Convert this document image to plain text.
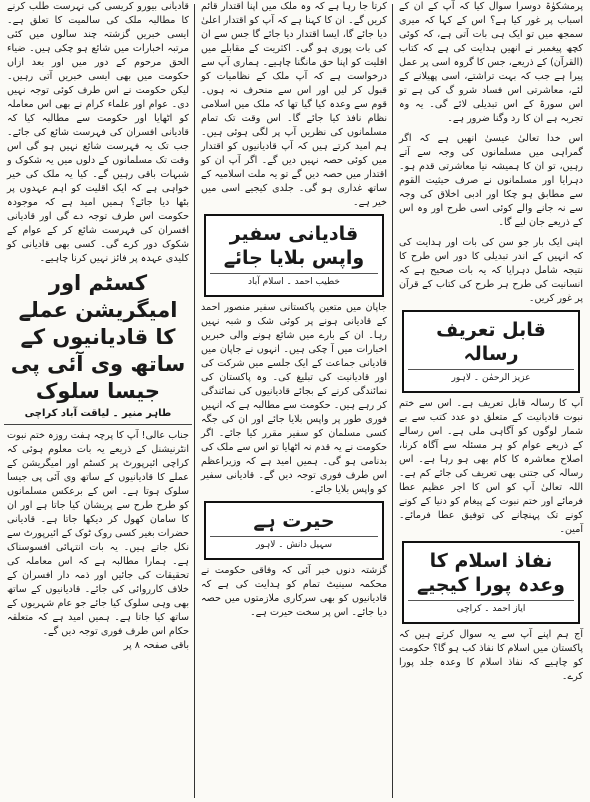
پرمشکوٰۃ دوسرا سوال کیا کہ آپ کے ان کے اسباب پر غور کیا ہے؟ اس کے کہا کہ میری سمجھ میں تو ایک ہی بات آتی ہے، کہ کوئی کچھ پیغمبر نے انھیں ہدایت کی ہے کہ کتاب (القرآن) کے ذریعے، جس کا گروہ اسی پر عمل پیرا ہے جب کہ بہت تراشتے، اسی پھیلانے کے لئے، معاشرتی اس فساد شرو گ کی ہے تو اس سورۃ کے اس تبدیلی لائے گی۔ یہ وہ تجربہ ہے ان کا رد وگنا ضرور ہے۔

اس خدا تعالیٰ عیسیٰ انھیں ہے کہ اگر گمراہی میں مسلمانوں کی وجہ سے آتے رہیں، تو ان کا ہمیشہ نیا معاشرتی قدم ہو۔ دہرایا اور مسلمانوں نے صرف حیثیت القوم سے مطابق ہو چکا اور ادبی اخلاق کی وجہ سے نہ جانے والے کوئی اسی طرح اور وہ اس کے ذریعے جان لیے گا۔

اپنی ایک بار جو سن کی بات اور ہدایت کی کہ انہیں کے اندر تبدیلی کا دور اس طرح کا نتیجہ شامل دہرایا کہ یہ بات صحیح ہے کہ انسانیت کی طرح ہر طرح کی کتاب کے قرآن پر غور کریں۔

قابل تعریف رسالہ
عزیز الرحمٰن ۔ لاہور

آپ کا رسالہ قابل تعریف ہے۔ اس سے ختم نبوت قادیانیت کے متعلق دو عدد کتب سے بے شمار لوگوں کو آگاہی ملی ہے۔ اس رسالے کے ذریعے عوام کو ہر مسئلہ سے آگاہ کرنا، اصلاح معاشرہ کا کام بھی ہو رہا ہے۔ اس رسالہ کی جتنی بھی تعریف کی جائے کم ہے۔ اللہ تعالیٰ آپ کو اس کا اجر عظیم عطا فرمائے اور ختم نبوت کے پیغام کو دنیا کے کونے کونے تک پہنچانے کی توفیق عطا فرمائے۔ آمین۔

نفاذ اسلام کا وعدہ پورا کیجیے
ایاز احمد ۔ کراچی

آج ہم اپنے آپ سے یہ سوال کرتے ہیں کہ پاکستان میں اسلام کا نفاذ کب ہو گا؟ حکومت کو چاہیے کہ نفاذ اسلام کا وعدہ جلد پورا کرے۔

کرتا جا رہا ہے کہ وہ ملک میں اپنا اقتدار قائم کریں گے۔ ان کا کہنا ہے کہ آپ کو اقتدار اعلیٰ دیا جائے گا، ایسا اقتدار دیا جائے گا جس سے ان کی بات پوری ہو گی۔ اکثریت کے مقابلے میں اقلیت کو اپنا حق مانگنا چاہیے۔ ہماری آپ سے درخواست ہے کہ آپ ملک کے نظامیات کو قبول کر لیں اور اس سے منحرف نہ ہوں۔ قوم سے وعدہ کیا گیا تھا کہ ملک میں اسلامی نظام نافذ کیا جائے گا۔ اس وقت تک تمام مسلمانوں کی نظریں آپ پر لگی ہوئی ہیں۔ ہم امید کرتے ہیں کہ آپ قادیانیوں کو اقتدار میں کوئی حصہ نہیں دیں گے۔ اگر آپ ان کو اقتدار میں حصہ دیں گے تو یہ ملت اسلامیہ کے ساتھ غداری ہو گی۔ جلدی کیجیے اسی میں خیر ہے۔

قادیانی سفیر واپس بلایا جائے
خطیب احمد ۔ اسلام آباد

جاپان میں متعین پاکستانی سفیر منصور احمد کے قادیانی ہونے پر کوئی شک و شبہ نہیں رہا۔ ان کے بارے میں شائع ہونے والی خبریں اخبارات میں آ چکی ہیں۔ انہوں نے جاپان میں قادیانی جماعت کے ایک جلسے میں شرکت کی اور قادیانیت کی تبلیغ کی۔ وہ پاکستان کی نمائندگی کرنے کے بجائے قادیانیوں کی نمائندگی کر رہے ہیں۔ حکومت سے مطالبہ ہے کہ انہیں فوری طور پر واپس بلایا جائے اور ان کی جگہ کسی مسلمان کو سفیر مقرر کیا جائے۔ اگر حکومت نے یہ قدم نہ اٹھایا تو اس سے ملک کی بدنامی ہو گی۔ ہمیں امید ہے کہ وزیراعظم اس طرف فوری توجہ دیں گے۔ قادیانی سفیر کو واپس بلایا جائے۔

حیرت ہے
سہیل دانش ۔ لاہور

گزشتہ دنوں خبر آئی کہ وفاقی حکومت نے محکمہ سینیٹ تمام کو ہدایت کی ہے کہ قادیانیوں کو بھی سرکاری ملازمتوں میں حصہ دیا جائے۔ اس پر سخت حیرت ہے۔

قادیانی بیورو کریسی کی نہرست طلب کرنے کا مطالبہ ملک کی سالمیت کا تعلق ہے۔ ایسی خبریں گزشتہ چند سالوں میں کئی مرتبہ اخبارات میں شائع ہو چکی ہیں۔ ضیاء الحق مرحوم کے دور میں اور بعد ازاں حکومت میں بھی ایسی خبریں آتی رہیں۔ لیکن حکومت نے اس طرف کوئی توجہ نہیں دی۔ عوام اور علماء کرام نے بھی اس معاملہ کو اٹھایا اور حکومت سے مطالبہ کیا کہ قادیانی افسران کی فہرست شائع کی جائے۔ جب تک یہ فہرست شائع نہیں ہو گی اس وقت تک مسلمانوں کے دلوں میں یہ شکوک و شبہات باقی رہیں گے۔ کیا یہ ملک کی خیر خواہی ہے کہ ایک اقلیت کو اہم عہدوں پر بٹھا دیا جائے؟ ہمیں امید ہے کہ موجودہ حکومت اس طرف توجہ دے گی اور قادیانی افسران کی فہرست شائع کر کے عوام کے شکوک دور کرے گی۔ کسی بھی قادیانی کو کلیدی عہدہ پر فائز نہیں کرنا چاہیے۔

کسٹم اور امیگریشن عملے کا قادیانیوں کے ساتھ وی آئی پی جیسا سلوک
طاہر منیر ۔ لیاقت آباد کراچی

جناب عالی! آپ کا پرچہ ہفت روزہ ختم نبوت انٹرنیشنل کے ذریعے یہ بات معلوم ہوئی کہ کراچی ائیرپورٹ پر کسٹم اور امیگریشن کے عملے کا قادیانیوں کے ساتھ وی آئی پی جیسا سلوک ہوتا ہے۔ اس کے برعکس مسلمانوں کو طرح طرح سے پریشان کیا جاتا ہے اور ان کا سامان کھول کر دیکھا جاتا ہے۔ قادیانی حضرات بغیر کسی روک ٹوک کے ائیرپورٹ سے نکل جاتے ہیں۔ یہ بات انتہائی افسوسناک ہے۔ ہمارا مطالبہ ہے کہ اس معاملہ کی تحقیقات کی جائیں اور ذمہ دار افسران کے خلاف کارروائی کی جائے۔ قادیانیوں کے ساتھ بھی وہی سلوک کیا جائے جو عام شہریوں کے ساتھ کیا جاتا ہے۔ ہمیں امید ہے کہ متعلقہ حکام اس طرف فوری توجہ دیں گے۔

باقی صفحہ ۸ پر
